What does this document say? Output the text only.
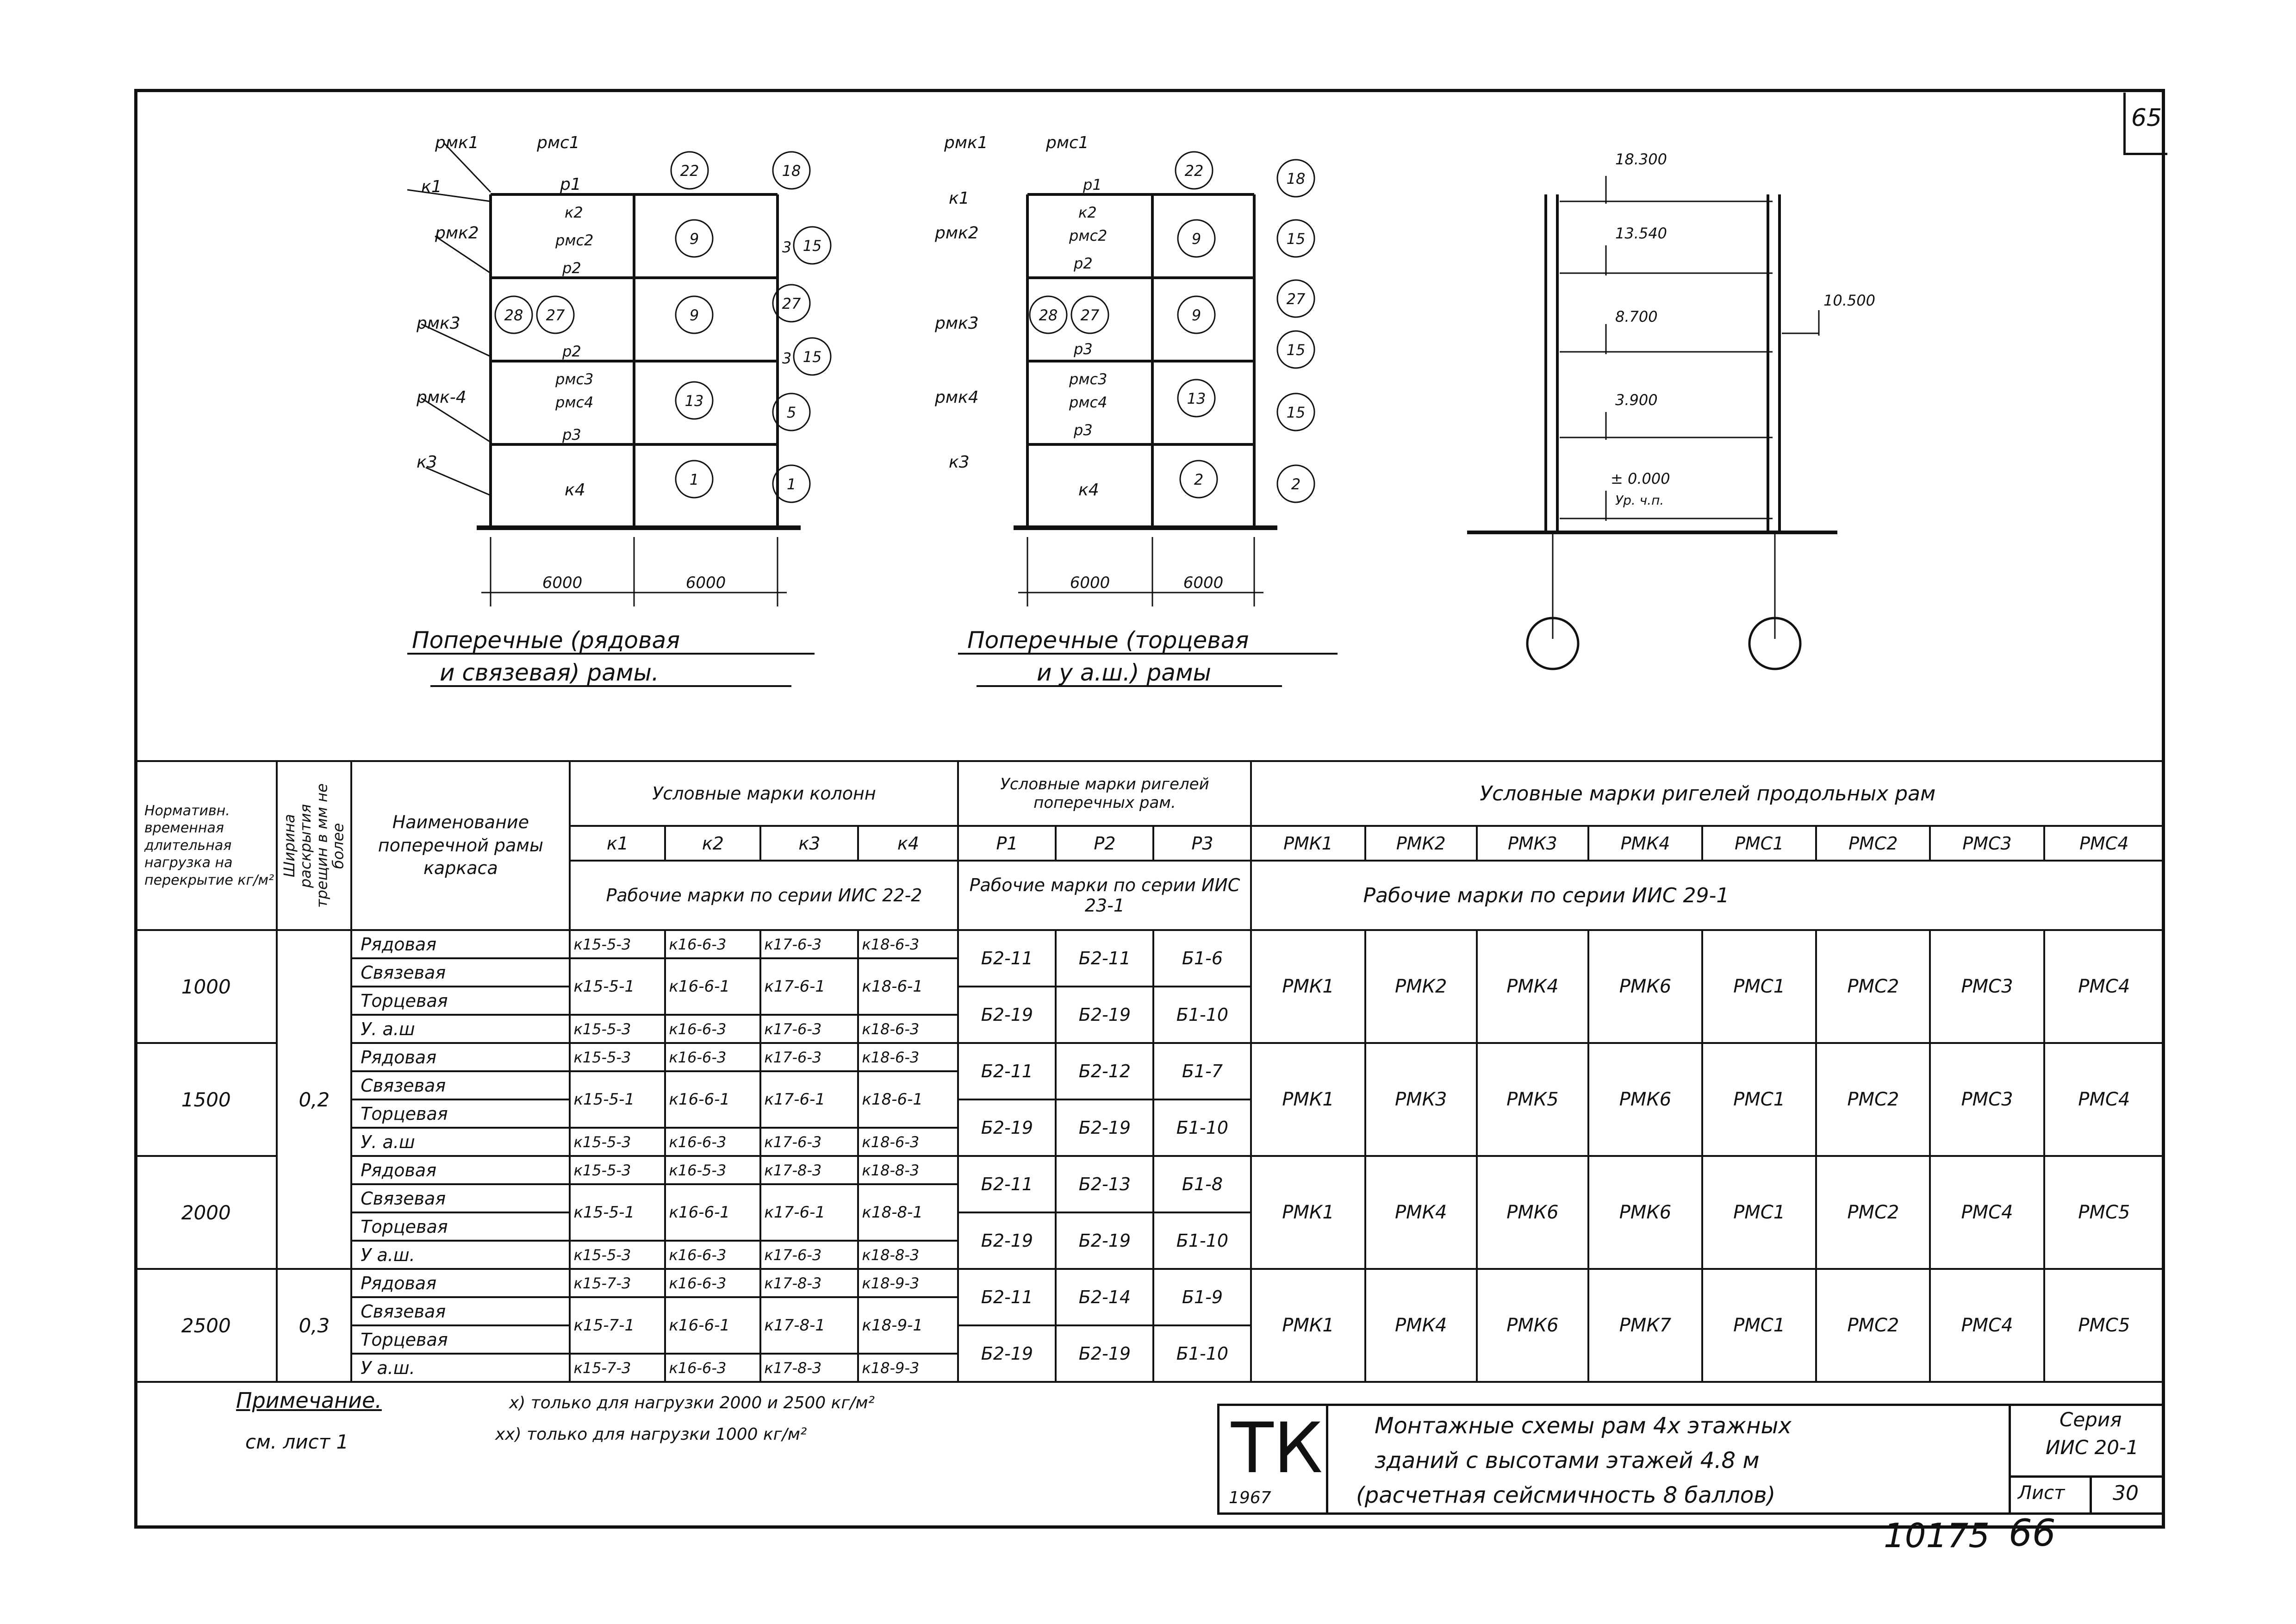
65
рмк1	рмс1
р1
к1
к2
рмс2
рмк2
р2
рмк3
р2
рмс3
рмс4
рмк-4
р3
к3
к4
22	18
9	3 15
28 27	9
27
3 15
13
5
1	1
6000	6000
Поперечные (рядовая
и связевая) рамы.
рмк1	рмс1
р1
к1
к2
рмс2
рмк2
р2
рмк3
р3
рмс3
рмс4
рмк4
р3
к3
к4
22	18
9	15
28 27	9
27
15
13
15
2	2
6000	6000
Поперечные (торцевая
и у а.ш.) рамы
18.300
13.540
8.700
3.900
± 0.000
Ур. ч.п.
10.500
Нормативн. временная длительная нагрузка на перекрытие кг/м²	Ширина раскрытия трещин в мм не более	Наименование поперечной рамы каркаса	Условные марки колонн				Условные марки ригелей поперечных рам.			Условные марки ригелей продольных рам							
			к1	к2	к3	к4	Р1	Р2	Р3	РМК1	РМК2	РМК3	РМК4	РМС1	РМС2	РМС3	РМС4
			Рабочие марки по серии ИИС 22-2				Рабочие марки по серии ИИС 23-1			Рабочие марки по серии ИИС 29-1							
1000	0,2	Рядовая	к15-5-3	к16-6-3	к17-6-3	к18-6-3	Б2-11	Б2-11	Б1-6	РМК1	РМК2	РМК4	РМК6	РМС1	РМС2	РМС3	РМС4
		Связевая	к15-5-1	к16-6-1	к17-6-1	к18-6-1											
		Торцевая					Б2-19	Б2-19	Б1-10								
		У. а.ш	к15-5-3	к16-6-3	к17-6-3	к18-6-3											
1500		Рядовая	к15-5-3	к16-6-3	к17-6-3	к18-6-3	Б2-11	Б2-12	Б1-7	РМК1	РМК3	РМК5	РМК6	РМС1	РМС2	РМС3	РМС4
		Связевая	к15-5-1	к16-6-1	к17-6-1	к18-6-1											
		Торцевая					Б2-19	Б2-19	Б1-10								
		У. а.ш	к15-5-3	к16-6-3	к17-6-3	к18-6-3											
2000		Рядовая	к15-5-3	к16-5-3	к17-8-3	к18-8-3	Б2-11	Б2-13	Б1-8	РМК1	РМК4	РМК6	РМК6	РМС1	РМС2	РМС4	РМС5
		Связевая	к15-5-1	к16-6-1	к17-6-1	к18-8-1											
		Торцевая					Б2-19	Б2-19	Б1-10								
		У а.ш.	к15-5-3	к16-6-3	к17-6-3	к18-8-3											
2500	0,3	Рядовая	к15-7-3	к16-6-3	к17-8-3	к18-9-3	Б2-11	Б2-14	Б1-9	РМК1	РМК4	РМК6	РМК7	РМС1	РМС2	РМС4	РМС5
		Связевая	к15-7-1	к16-6-1	к17-8-1	к18-9-1											
		Торцевая					Б2-19	Б2-19	Б1-10								
		У а.ш.	к15-7-3	к16-6-3	к17-8-3	к18-9-3											
Примечание.
см. лист 1
х) только для нагрузки 2000 и 2500 кг/м²
хх) только для нагрузки 1000 кг/м²	ТК
1967
Монтажные схемы рам 4х этажных
зданий с высотами этажей 4.8 м
(расчетная сейсмичность 8 баллов)
Серия
ИИС 20-1
Лист 30
10175 66
